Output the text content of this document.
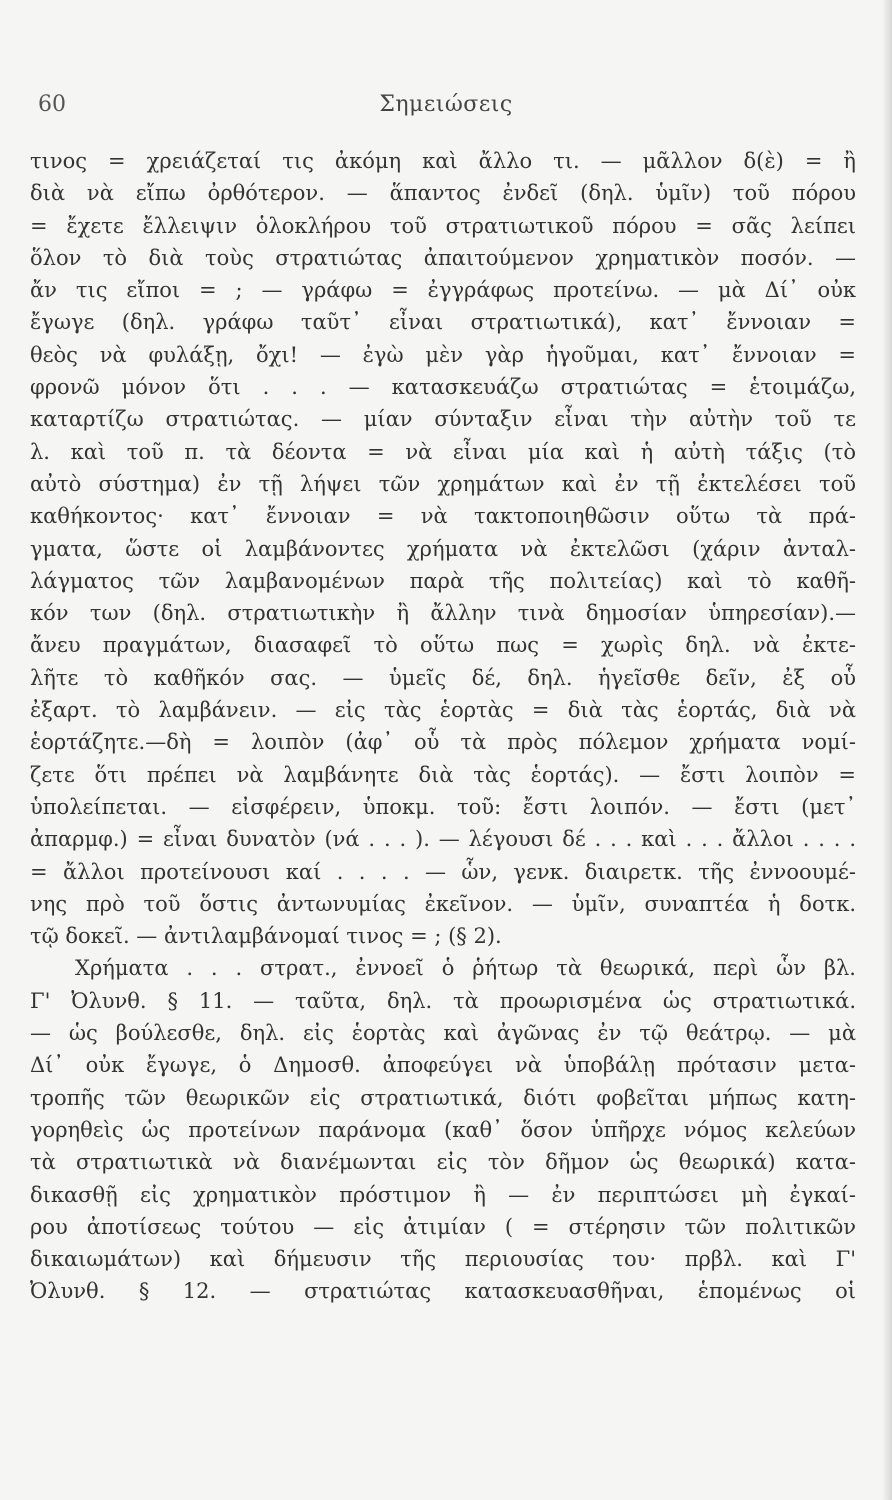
60	Σημειώσεις
τινος = χρειάζεταί τις ἀκόμη καὶ ἄλλο τι. — μᾶλλον δ(ὲ) = ἢ
διὰ νὰ εἴπω ὀρθότερον. — ἅπαντος ἐνδεῖ (δηλ. ὑμῖν) τοῦ πόρου
= ἔχετε ἔλλειψιν ὁλοκλήρου τοῦ στρατιωτικοῦ πόρου = σᾶς λείπει
ὅλον τὸ διὰ τοὺς στρατιώτας ἀπαιτούμενον χρηματικὸν ποσόν. —
ἄν τις εἴποι = ; — γράφω = ἐγγράφως προτείνω. — μὰ Δί᾽ οὐκ
ἔγωγε (δηλ. γράφω ταῦτ᾽ εἶναι στρατιωτικά), κατ᾽ ἔννοιαν =
θεὸς νὰ φυλάξῃ, ὄχι! — ἐγὼ μὲν γὰρ ἡγοῦμαι, κατ᾽ ἔννοιαν =
φρονῶ μόνον ὅτι . . . — κατασκευάζω στρατιώτας = ἑτοιμάζω,
καταρτίζω στρατιώτας. — μίαν σύνταξιν εἶναι τὴν αὐτὴν τοῦ τε
λ. καὶ τοῦ π. τὰ δέοντα = νὰ εἶναι μία καὶ ἡ αὐτὴ τάξις (τὸ
αὐτὸ σύστημα) ἐν τῇ λήψει τῶν χρημάτων καὶ ἐν τῇ ἐκτελέσει τοῦ
καθήκοντος· κατ᾽ ἔννοιαν = νὰ τακτοποιηθῶσιν οὕτω τὰ πρά-
γματα, ὥστε οἱ λαμβάνοντες χρήματα νὰ ἐκτελῶσι (χάριν ἀνταλ-
λάγματος τῶν λαμβανομένων παρὰ τῆς πολιτείας) καὶ τὸ καθῆ-
κόν των (δηλ. στρατιωτικὴν ἢ ἄλλην τινὰ δημοσίαν ὑπηρεσίαν).—
ἄνευ πραγμάτων, διασαφεῖ τὸ οὕτω πως = χωρὶς δηλ. νὰ ἐκτε-
λῆτε τὸ καθῆκόν σας. — ὑμεῖς δέ, δηλ. ἡγεῖσθε δεῖν, ἐξ οὗ
ἐξαρτ. τὸ λαμβάνειν. — εἰς τὰς ἑορτὰς = διὰ τὰς ἑορτάς, διὰ νὰ
ἑορτάζητε.—δὴ = λοιπὸν (ἀφ᾽ οὗ τὰ πρὸς πόλεμον χρήματα νομί-
ζετε ὅτι πρέπει νὰ λαμβάνητε διὰ τὰς ἑορτάς). — ἔστι λοιπὸν =
ὑπολείπεται. — εἰσφέρειν, ὑποκμ. τοῦ: ἔστι λοιπόν. — ἔστι (μετ᾽
ἀπαρμφ.) = εἶναι δυνατὸν (νά . . . ). — λέγουσι δέ . . . καὶ . . . ἄλλοι . . . .
= ἄλλοι προτείνουσι καί . . . . — ὧν, γενκ. διαιρετκ. τῆς ἐννοουμέ-
νης πρὸ τοῦ ὅστις ἀντωνυμίας ἐκεῖνον. — ὑμῖν, συναπτέα ἡ δοτκ.
τῷ δοκεῖ. — ἀντιλαμβάνομαί τινος = ; (§ 2).
Χρήματα . . . στρατ., ἐννοεῖ ὁ ῥήτωρ τὰ θεωρικά, περὶ ὧν βλ.
Γ' Ὀλυνθ. § 11. — ταῦτα, δηλ. τὰ προωρισμένα ὡς στρατιωτικά.
— ὡς βούλεσθε, δηλ. εἰς ἑορτὰς καὶ ἀγῶνας ἐν τῷ θεάτρῳ. — μὰ
Δί᾽ οὐκ ἔγωγε, ὁ Δημοσθ. ἀποφεύγει νὰ ὑποβάλῃ πρότασιν μετα-
τροπῆς τῶν θεωρικῶν εἰς στρατιωτικά, διότι φοβεῖται μήπως κατη-
γορηθεὶς ὡς προτείνων παράνομα (καθ᾽ ὅσον ὑπῆρχε νόμος κελεύων
τὰ στρατιωτικὰ νὰ διανέμωνται εἰς τὸν δῆμον ὡς θεωρικά) κατα-
δικασθῇ εἰς χρηματικὸν πρόστιμον ἢ — ἐν περιπτώσει μὴ ἐγκαί-
ρου ἀποτίσεως τούτου — εἰς ἀτιμίαν ( = στέρησιν τῶν πολιτικῶν
δικαιωμάτων) καὶ δήμευσιν τῆς περιουσίας του· πρβλ. καὶ Γ'
Ὀλυνθ. § 12. — στρατιώτας κατασκευασθῆναι, ἑπομένως οἱ
